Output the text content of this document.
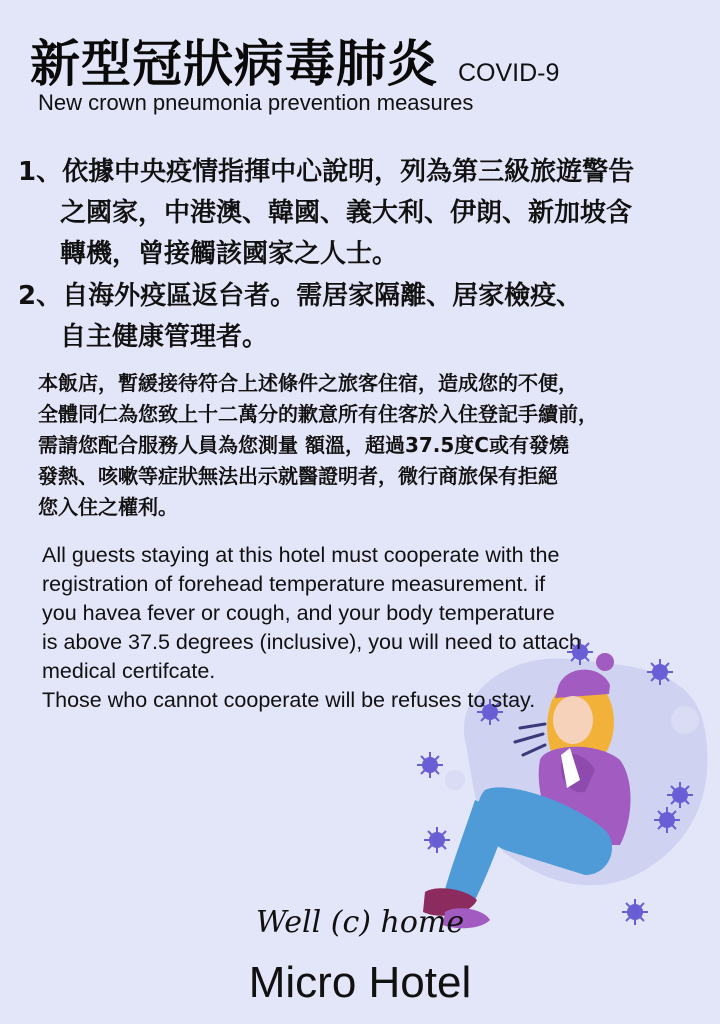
新型冠狀病毒肺炎 COVID-9
New crown pneumonia prevention measures
1、依據中央疫情指揮中心說明，列為第三級旅遊警告
之國家，中港澳、韓國、義大利、伊朗、新加坡含
轉機，曾接觸該國家之人士。
2、自海外疫區返台者。需居家隔離、居家檢疫、
自主健康管理者。
本飯店，暫緩接待符合上述條件之旅客住宿，造成您的不便，
全體同仁為您致上十二萬分的歉意所有住客於入住登記手續前，
需請您配合服務人員為您測量 額溫，超過37.5度C或有發燒
發熱、咳嗽等症狀無法出示就醫證明者，微行商旅保有拒絕
您入住之權利。
All guests staying at this hotel must cooperate with the
registration of forehead temperature measurement. if
you havea fever or cough, and your body temperature
is above 37.5 degrees (inclusive), you will need to attach
medical certifcate.
Those who cannot cooperate will be refuses to stay.
Well (c) home
Micro Hotel
